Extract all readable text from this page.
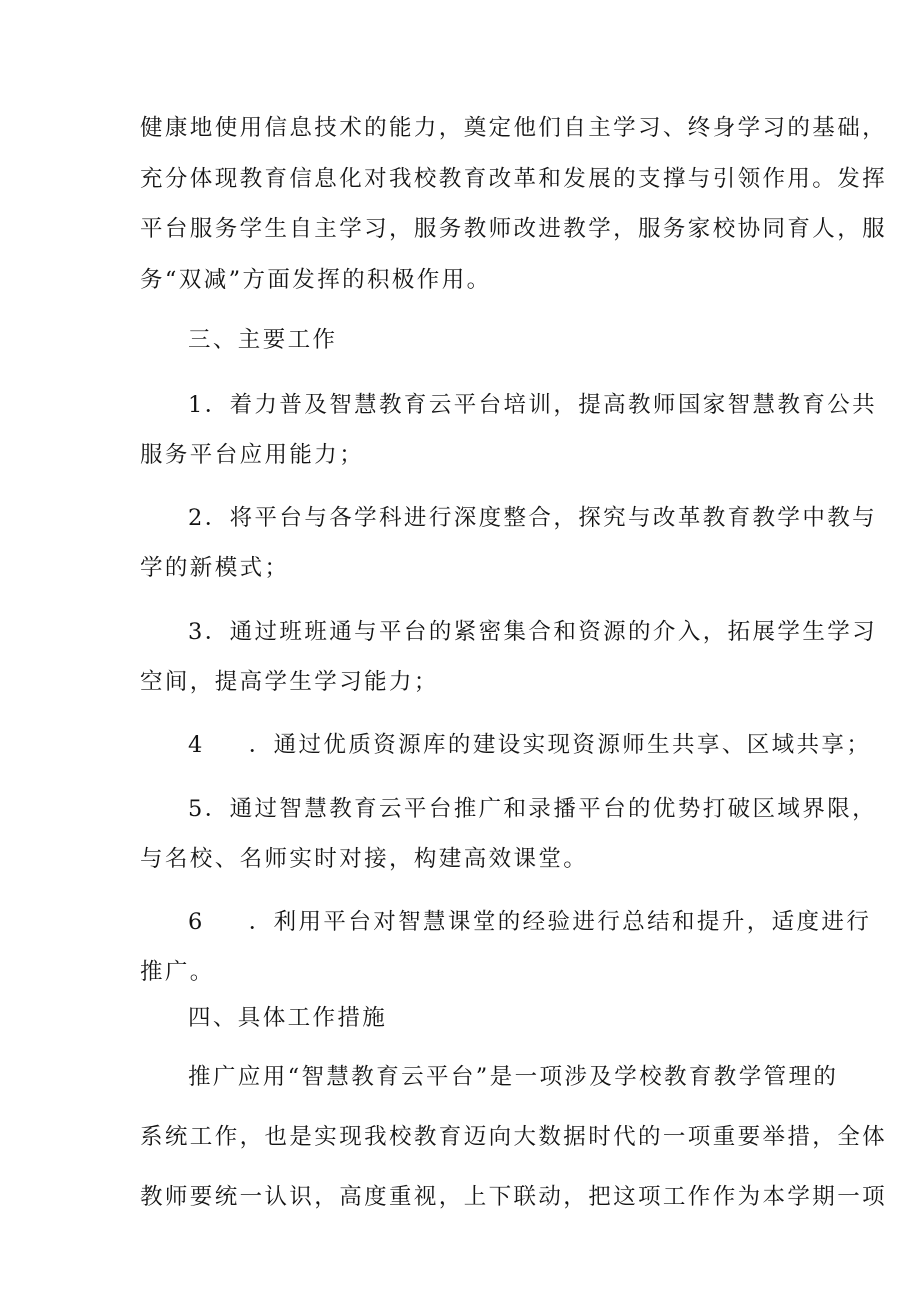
健康地使用信息技术的能力，奠定他们自主学习、终身学习的基础，
充分体现教育信息化对我校教育改革和发展的支撑与引领作用。发挥
平台服务学生自主学习，服务教师改进教学，服务家校协同育人，服
务“双减”方面发挥的积极作用。
三、主要工作
1．着力普及智慧教育云平台培训，提高教师国家智慧教育公共
服务平台应用能力；
2．将平台与各学科进行深度整合，探究与改革教育教学中教与
学的新模式；
3．通过班班通与平台的紧密集合和资源的介入，拓展学生学习
空间，提高学生学习能力；
4 ．通过优质资源库的建设实现资源师生共享、区域共享；
5．通过智慧教育云平台推广和录播平台的优势打破区域界限，
与名校、名师实时对接，构建高效课堂。
6 ．利用平台对智慧课堂的经验进行总结和提升，适度进行
推广。
四、具体工作措施
推广应用“智慧教育云平台”是一项涉及学校教育教学管理的
系统工作，也是实现我校教育迈向大数据时代的一项重要举措，全体
教师要统一认识，高度重视，上下联动，把这项工作作为本学期一项
